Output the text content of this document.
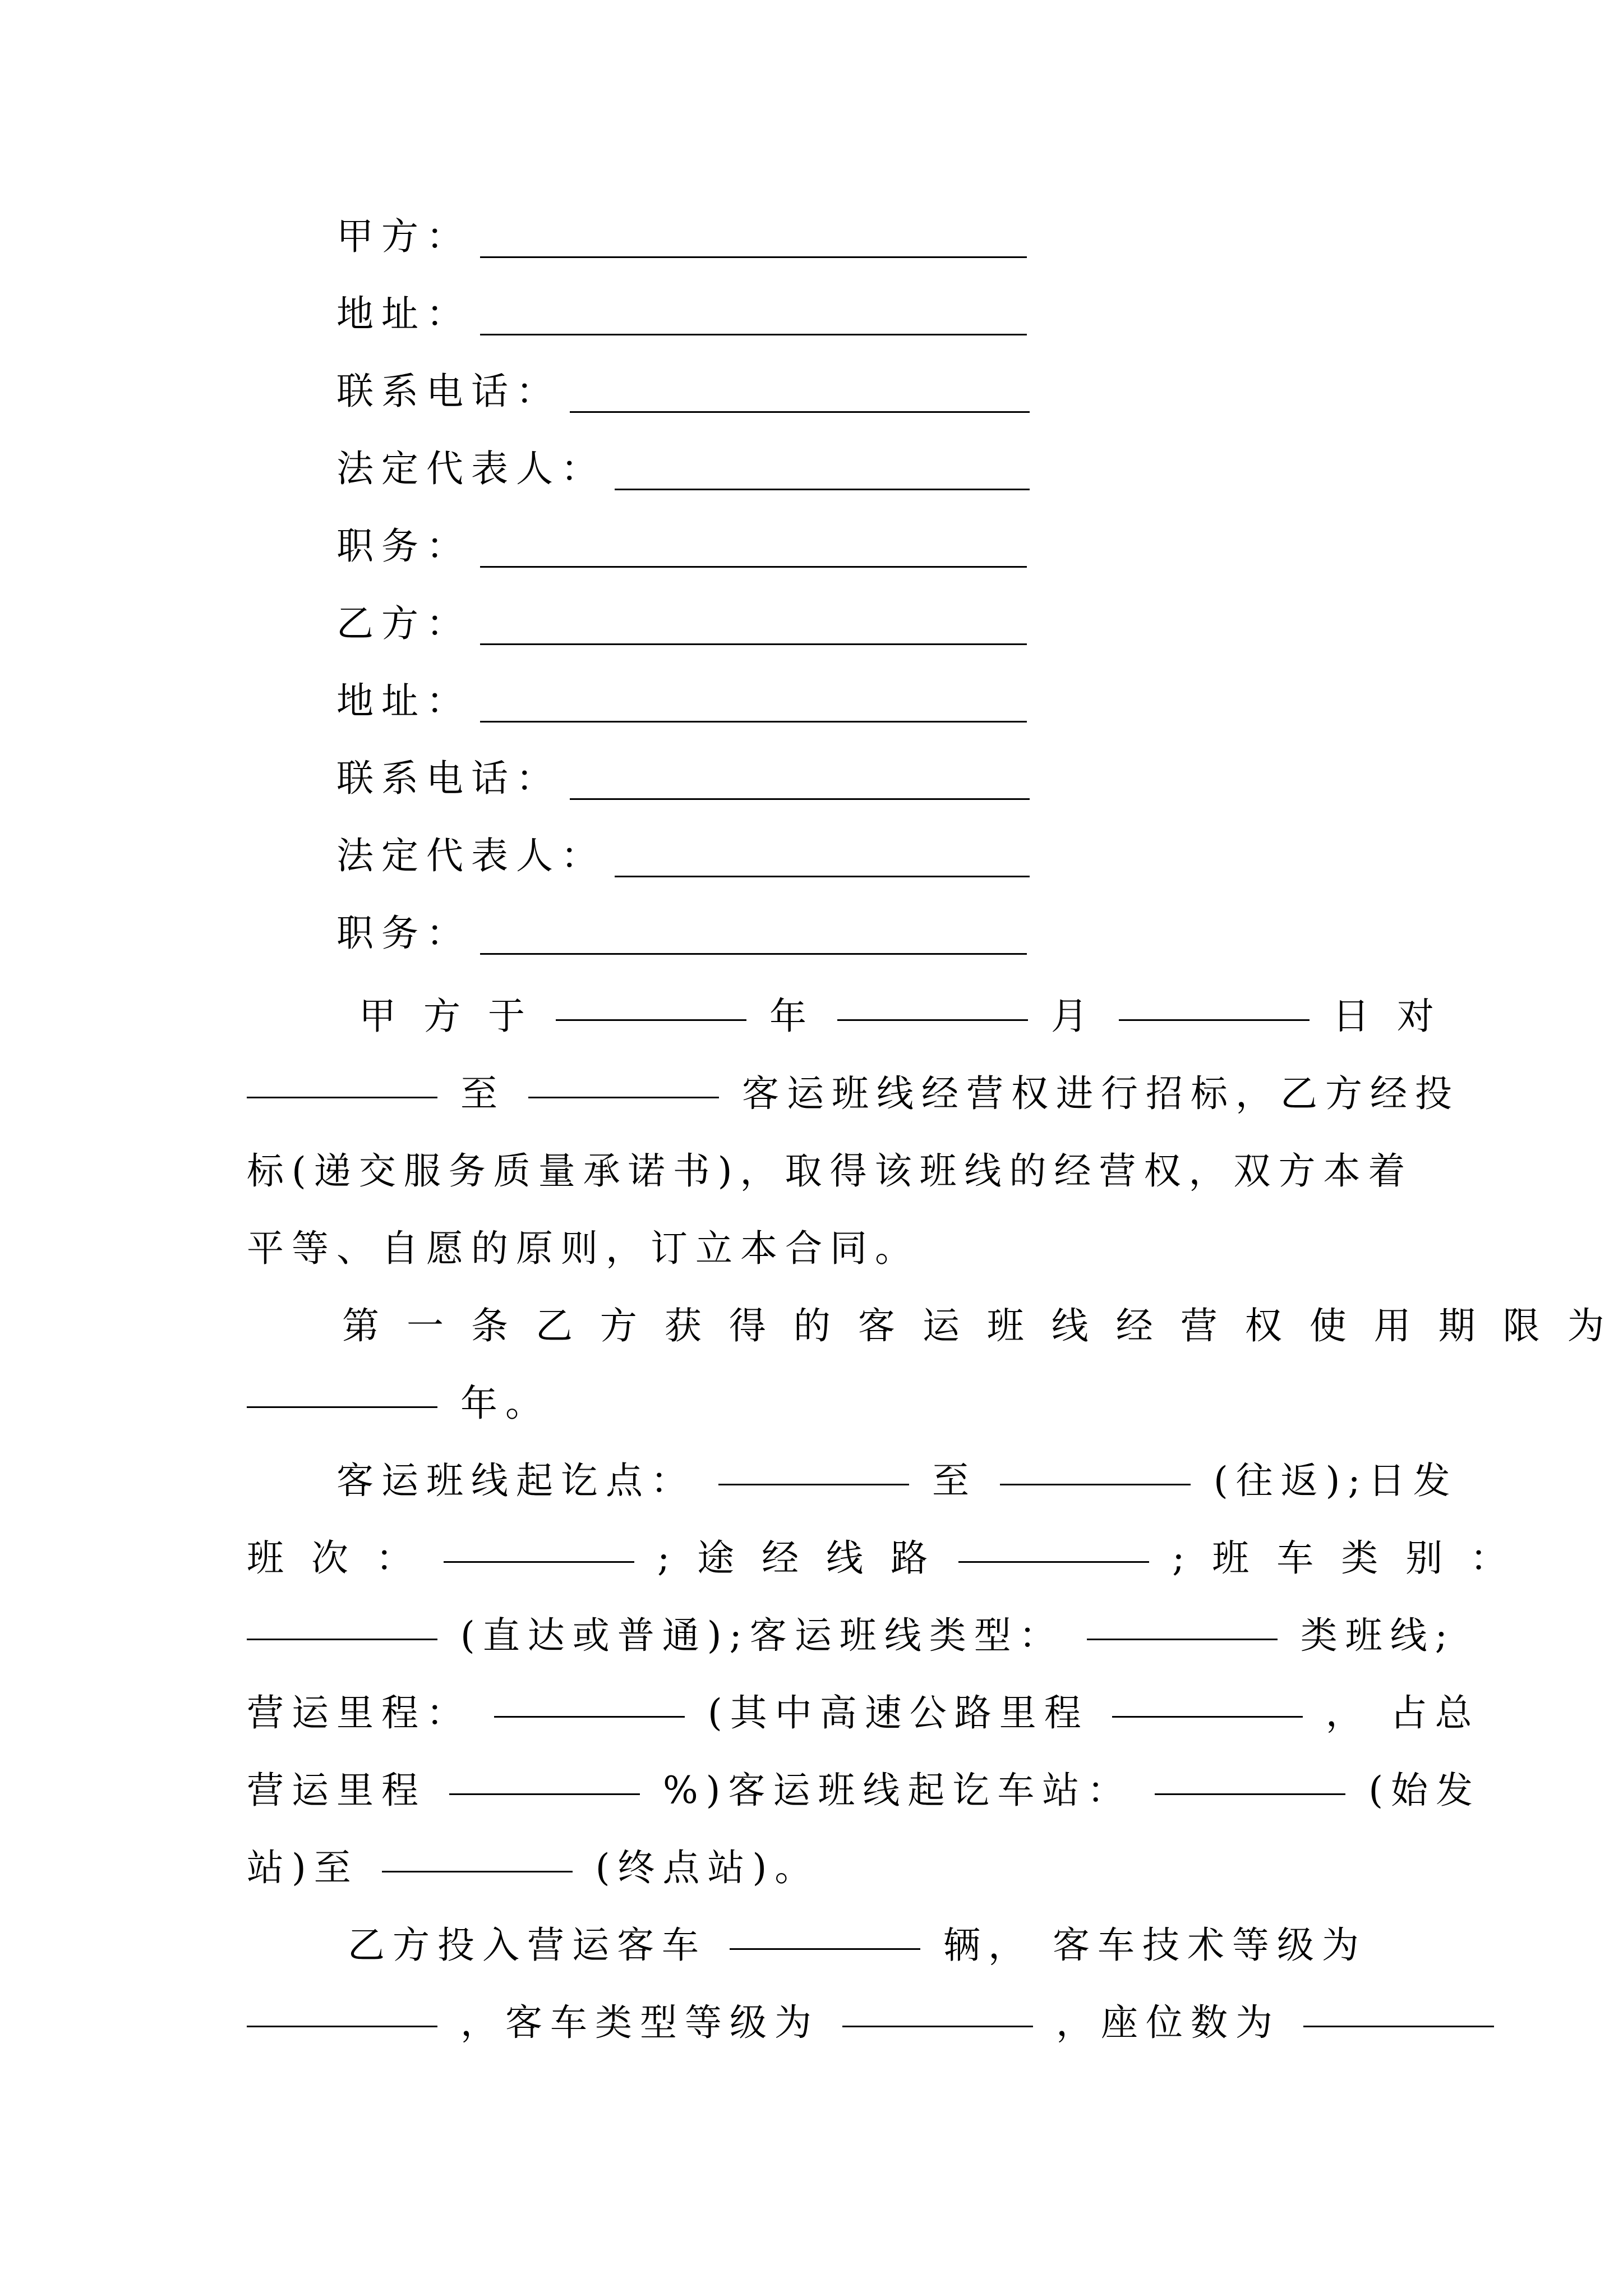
甲方：
地址：
联系电话：
法定代表人：
职务：
乙方：
地址：
联系电话：
法定代表人：
职务：
甲 方 于	年	月	日 对
至	客运班线经营权进行招标，乙方经投
标(递交服务质量承诺书)，取得该班线的经营权，双方本着
平等、自愿的原则，订立本合同。
第 一 条 乙 方 获 得 的 客 运 班 线 经 营 权 使 用 期 限 为
年。
客运班线起讫点：	至	(往返);日发
班 次 ：	; 途 经 线 路	; 班 车 类 别 ：
(直达或普通);客运班线类型：	类班线;
营运里程：	(其中高速公路里程	， 占总
营运里程	%)客运班线起讫车站：	(始发
站)至	(终点站)。
乙方投入营运客车	辆， 客车技术等级为
，客车类型等级为	，座位数为
